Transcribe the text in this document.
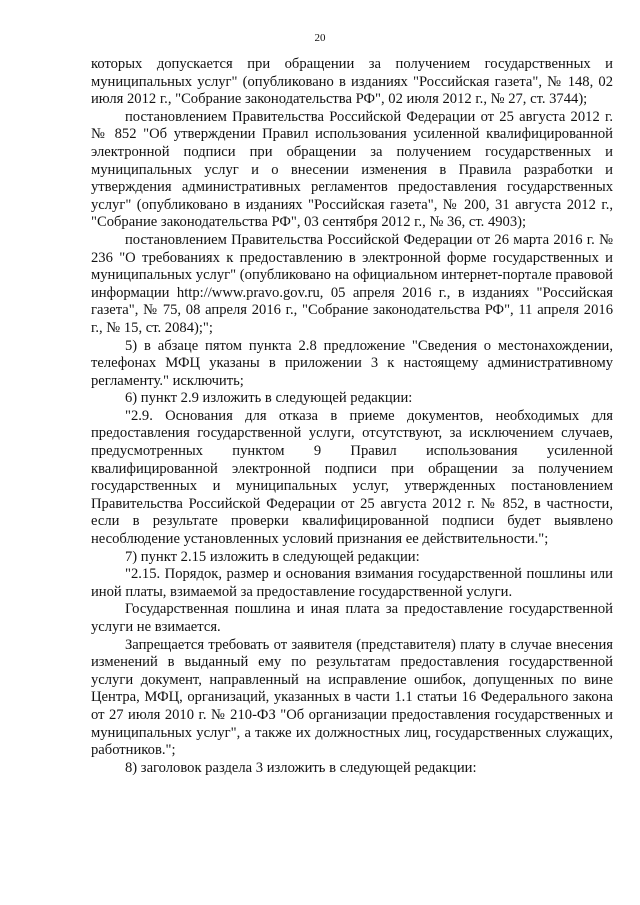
20

которых допускается при обращении за получением государственных и муниципальных услуг" (опубликовано в изданиях "Российская газета", № 148, 02 июля 2012 г., "Собрание законодательства РФ", 02 июля 2012 г., № 27, ст. 3744);

постановлением Правительства Российской Федерации от 25 августа 2012 г. № 852 "Об утверждении Правил использования усиленной квалифицированной электронной подписи при обращении за получением государственных и муниципальных услуг и о внесении изменения в Правила разработки и утверждения административных регламентов предоставления государственных услуг" (опубликовано в изданиях "Российская газета", № 200, 31 августа 2012 г., "Собрание законодательства РФ", 03 сентября 2012 г., № 36, ст. 4903);

постановлением Правительства Российской Федерации от 26 марта 2016 г. № 236 "О требованиях к предоставлению в электронной форме государственных и муниципальных услуг" (опубликовано на официальном интернет-портале правовой информации http://www.pravo.gov.ru, 05 апреля 2016 г., в изданиях "Российская газета", № 75, 08 апреля 2016 г., "Собрание законодательства РФ", 11 апреля 2016 г., № 15, ст. 2084);";

5) в абзаце пятом пункта 2.8 предложение "Сведения о местонахождении, телефонах МФЦ указаны в приложении 3 к настоящему административному регламенту." исключить;

6) пункт 2.9 изложить в следующей редакции:

"2.9. Основания для отказа в приеме документов, необходимых для предоставления государственной услуги, отсутствуют, за исключением случаев, предусмотренных пунктом 9 Правил использования усиленной квалифицированной электронной подписи при обращении за получением государственных и муниципальных услуг, утвержденных постановлением Правительства Российской Федерации от 25 августа 2012 г. № 852, в частности, если в результате проверки квалифицированной подписи будет выявлено несоблюдение установленных условий признания ее действительности.";

7) пункт 2.15 изложить в следующей редакции:

"2.15. Порядок, размер и основания взимания государственной пошлины или иной платы, взимаемой за предоставление государственной услуги.

Государственная пошлина и иная плата за предоставление государственной услуги не взимается.

Запрещается требовать от заявителя (представителя) плату в случае внесения изменений в выданный ему по результатам предоставления государственной услуги документ, направленный на исправление ошибок, допущенных по вине Центра, МФЦ, организаций, указанных в части 1.1 статьи 16 Федерального закона от 27 июля 2010 г. № 210-ФЗ "Об организации предоставления государственных и муниципальных услуг", а также их должностных лиц, государственных служащих, работников.";

8) заголовок раздела 3 изложить в следующей редакции:
